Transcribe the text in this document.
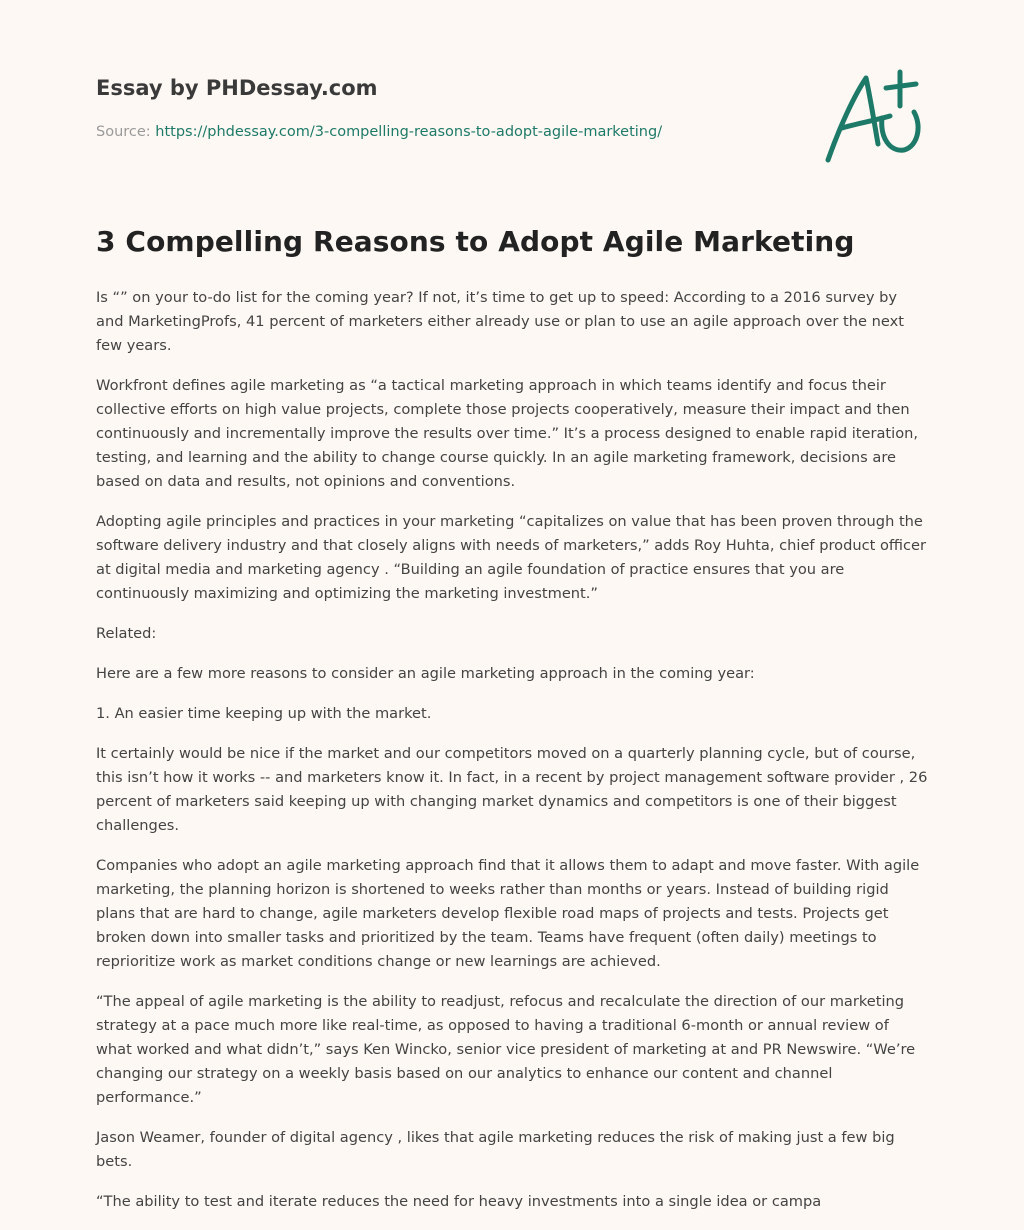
Essay by PHDessay.com
Source: https://phdessay.com/3-compelling-reasons-to-adopt-agile-marketing/
3 Compelling Reasons to Adopt Agile Marketing

Is “” on your to-do list for the coming year? If not, it’s time to get up to speed: According to a 2016 survey by and MarketingProfs, 41 percent of marketers either already use or plan to use an agile approach over the next few years.

Workfront defines agile marketing as “a tactical marketing approach in which teams identify and focus their collective efforts on high value projects, complete those projects cooperatively, measure their impact and then continuously and incrementally improve the results over time.” It’s a process designed to enable rapid iteration, testing, and learning and the ability to change course quickly. In an agile marketing framework, decisions are based on data and results, not opinions and conventions.

Adopting agile principles and practices in your marketing “capitalizes on value that has been proven through the software delivery industry and that closely aligns with needs of marketers,” adds Roy Huhta, chief product officer at digital media and marketing agency . “Building an agile foundation of practice ensures that you are continuously maximizing and optimizing the marketing investment.”

Related:

Here are a few more reasons to consider an agile marketing approach in the coming year:

1. An easier time keeping up with the market.

It certainly would be nice if the market and our competitors moved on a quarterly planning cycle, but of course, this isn’t how it works -- and marketers know it. In fact, in a recent by project management software provider , 26 percent of marketers said keeping up with changing market dynamics and competitors is one of their biggest challenges.

Companies who adopt an agile marketing approach find that it allows them to adapt and move faster. With agile marketing, the planning horizon is shortened to weeks rather than months or years. Instead of building rigid plans that are hard to change, agile marketers develop flexible road maps of projects and tests. Projects get broken down into smaller tasks and prioritized by the team. Teams have frequent (often daily) meetings to reprioritize work as market conditions change or new learnings are achieved.

“The appeal of agile marketing is the ability to readjust, refocus and recalculate the direction of our marketing strategy at a pace much more like real-time, as opposed to having a traditional 6-month or annual review of what worked and what didn’t,” says Ken Wincko, senior vice president of marketing at and PR Newswire. “We’re changing our strategy on a weekly basis based on our analytics to enhance our content and channel performance.”

Jason Weamer, founder of digital agency , likes that agile marketing reduces the risk of making just a few big bets.

“The ability to test and iterate reduces the need for heavy investments into a single idea or campa
